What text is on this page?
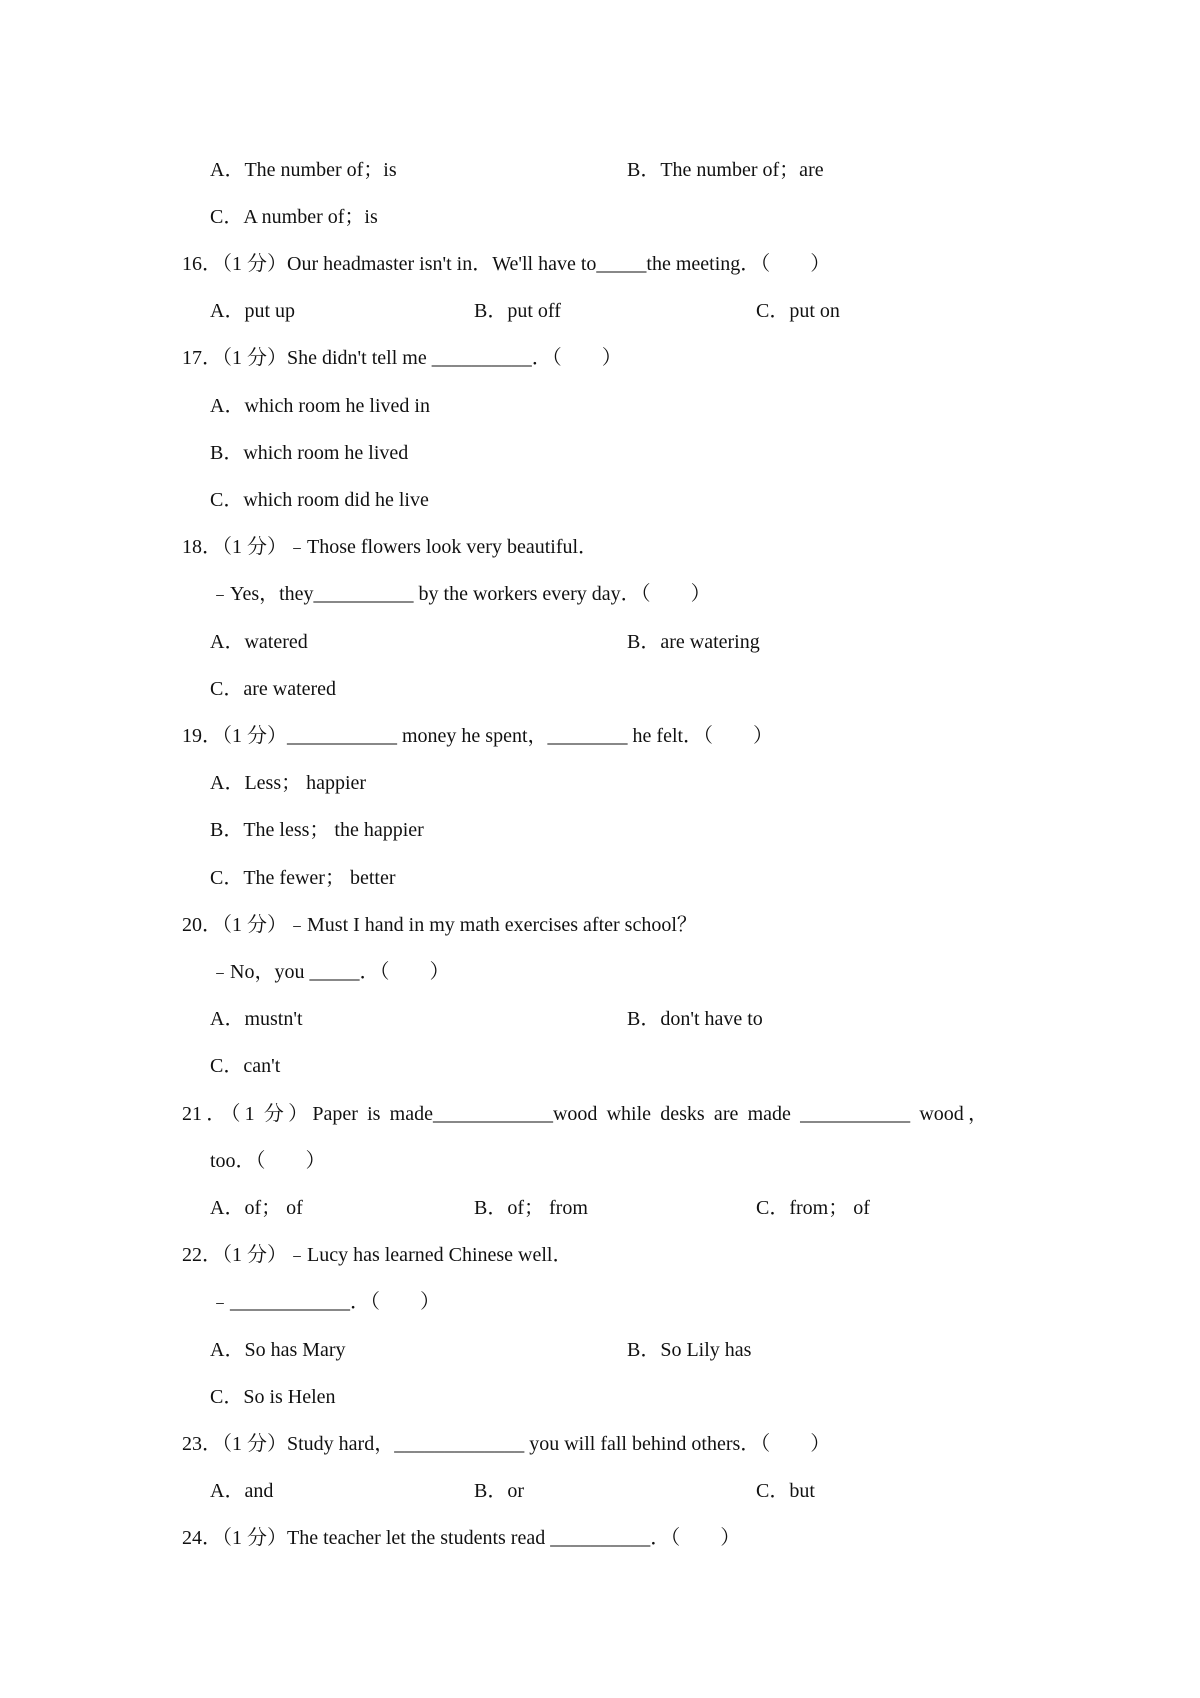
A．The number of；is	B．The number of；are
C．A number of；is
16．（1 分）Our headmaster isn't in．We'll have to_____the meeting．（　　）
A．put up	B．put off	C．put on
17．（1 分）She didn't tell me __________．（　　）
A．which room he lived in
B．which room he lived
C．which room did he live
18．（1 分）﹣Those flowers look very beautiful．
﹣Yes，they__________ by the workers every day．（　　）
A．watered	B．are watering
C．are watered
19．（1 分）___________ money he spent，________ he felt．（　　）
A．Less； happier
B．The less； the happier
C．The fewer； better
20．（1 分）﹣Must I hand in my math exercises after school？
﹣No，you _____．（　　）
A．mustn't	B．don't have to
C．can't
21．（1 分）Paper is made____________wood while desks are made ___________ wood，
too．（　　）
A．of； of	B．of； from	C．from； of
22．（1 分）﹣Lucy has learned Chinese well．
﹣____________．（　　）
A．So has Mary	B．So Lily has
C．So is Helen
23．（1 分）Study hard，_____________ you will fall behind others．（　　）
A．and	B．or	C．but
24．（1 分）The teacher let the students read __________．（　　）
